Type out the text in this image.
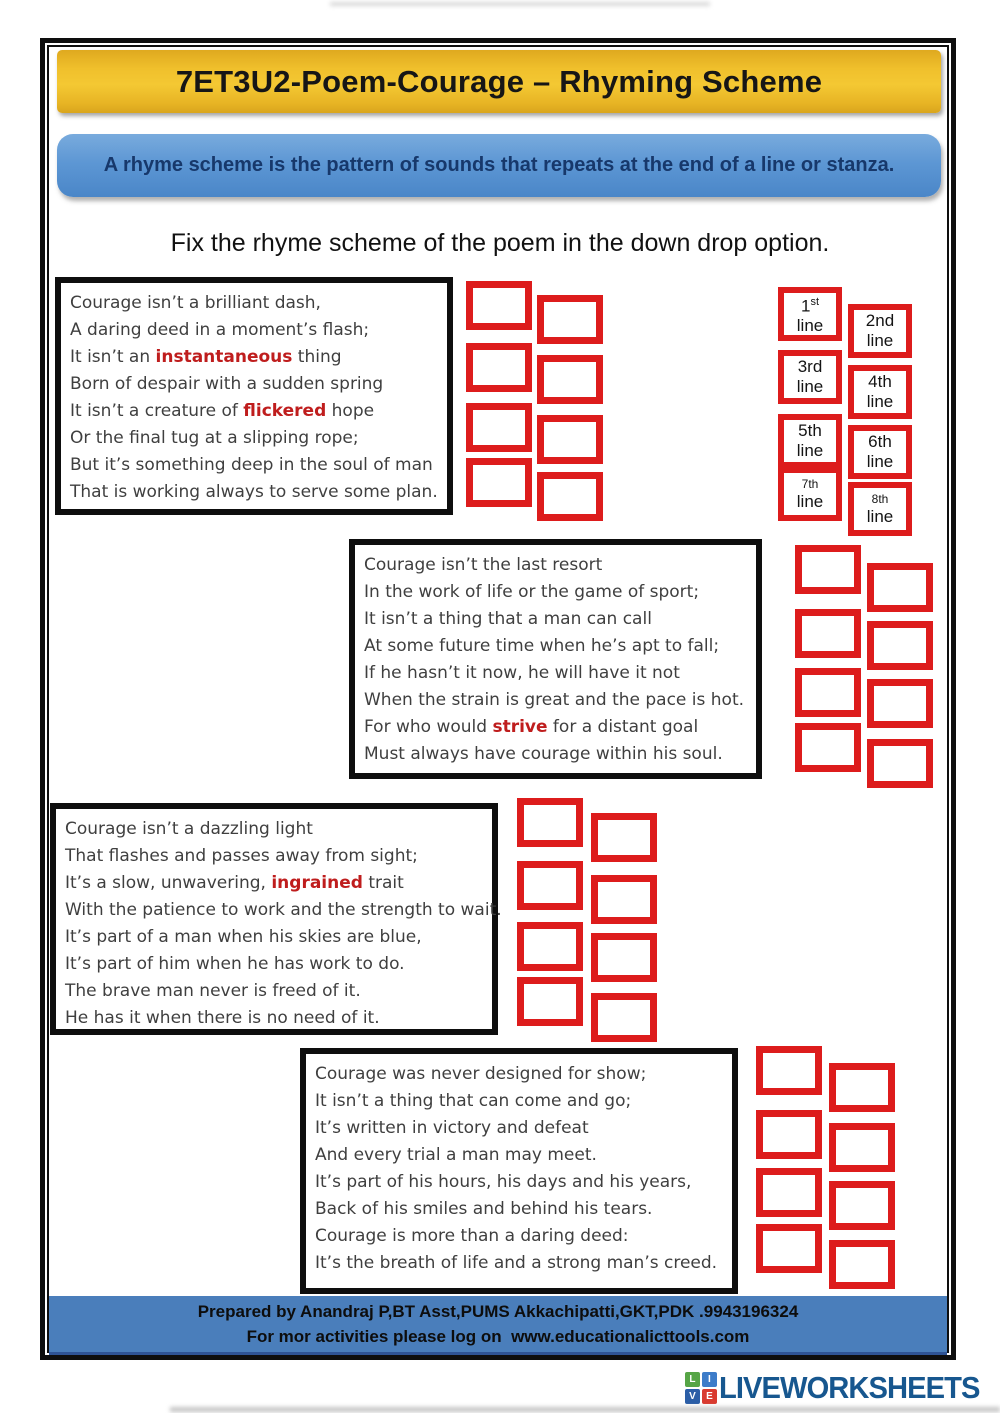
7ET3U2-Poem-Courage – Rhyming Scheme

A rhyme scheme is the pattern of sounds that repeats at the end of a line or stanza.

Fix the rhyme scheme of the poem in the down drop option.
Courage isn’t a brilliant dash,
A daring deed in a moment’s flash;
It isn’t an instantaneous thing
Born of despair with a sudden spring
It isn’t a creature of flickered hope
Or the final tug at a slipping rope;
But it’s something deep in the soul of man
That is working always to serve some plan.
Courage isn’t the last resort
In the work of life or the game of sport;
It isn’t a thing that a man can call
At some future time when he’s apt to fall;
If he hasn’t it now, he will have it not
When the strain is great and the pace is hot.
For who would strive for a distant goal
Must always have courage within his soul.
Courage isn’t a dazzling light
That flashes and passes away from sight;
It’s a slow, unwavering, ingrained trait
With the patience to work and the strength to wait.
It’s part of a man when his skies are blue,
It’s part of him when he has work to do.
The brave man never is freed of it.
He has it when there is no need of it.
Courage was never designed for show;
It isn’t a thing that can come and go;
It’s written in victory and defeat
And every trial a man may meet.
It’s part of his hours, his days and his years,
Back of his smiles and behind his tears.
Courage is more than a daring deed:
It’s the breath of life and a strong man’s creed.
1st
line	2nd
line
3rd
line	4th
line
5th
line	6th
line
7th
line	8th
line
Prepared by Anandraj P,BT Asst,PUMS Akkachipatti,GKT,PDK .9943196324
For mor activities please log on  www.educationalicttools.com
L	I
V	E LIVEWORKSHEETS
